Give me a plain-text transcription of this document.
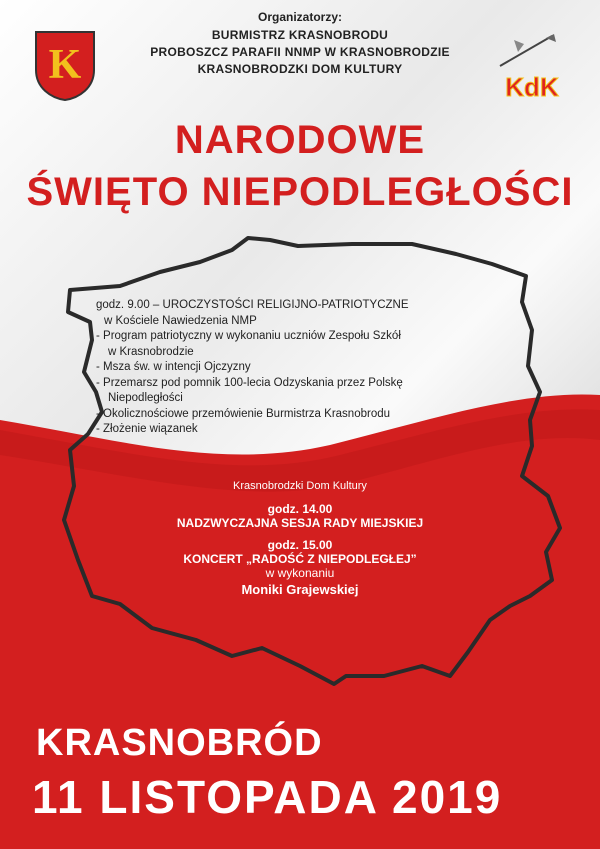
K
Organizatorzy:
BURMISTRZ KRASNOBRODU
PROBOSZCZ PARAFII NNMP W KRASNOBRODZIE
KRASNOBRODZKI DOM KULTURY
KdK
NARODOWE
ŚWIĘTO NIEPODLEGŁOŚCI
godz. 9.00 – UROCZYSTOŚCI RELIGIJNO-PATRIOTYCZNE
w Kościele Nawiedzenia NMP
- Program patriotyczny w wykonaniu uczniów Zespołu Szkół
w Krasnobrodzie
- Msza św. w intencji Ojczyzny
- Przemarsz pod pomnik 100-lecia Odzyskania przez Polskę
Niepodległości
- Okolicznościowe przemówienie Burmistrza Krasnobrodu
- Złożenie wiązanek
Krasnobrodzki Dom Kultury
godz. 14.00
NADZWYCZAJNA SESJA RADY MIEJSKIEJ
godz. 15.00
KONCERT „RADOŚĆ Z NIEPODLEGŁEJ”
w wykonaniu
Moniki Grajewskiej
KRASNOBRÓD
11 LISTOPADA 2019
